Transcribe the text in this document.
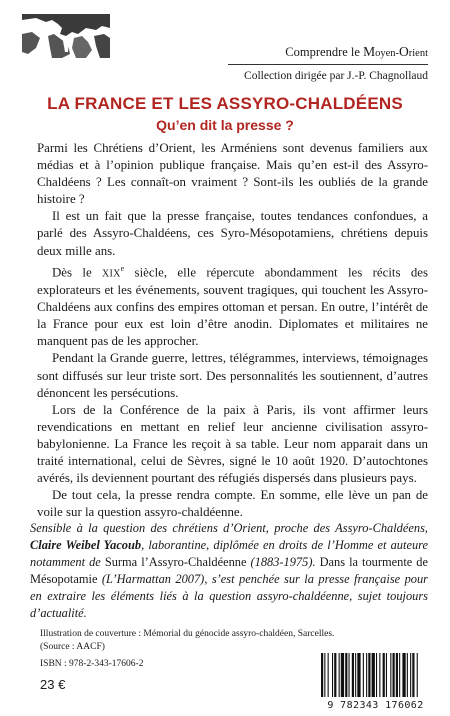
Comprendre le Moyen-Orient
Collection dirigée par J.-P. Chagnollaud
LA FRANCE ET LES ASSYRO-CHALDÉENS
Qu’en dit la presse ?

Parmi les Chrétiens d’Orient, les Arméniens sont devenus familiers aux médias et à l’opinion publique française. Mais qu’en est-il des Assyro-Chaldéens ? Les connaît-on vraiment ? Sont-ils les oubliés de la grande histoire ?

Il est un fait que la presse française, toutes tendances confondues, a parlé des Assyro-Chaldéens, ces Syro-Mésopotamiens, chrétiens depuis deux mille ans.

Dès le XIXe siècle, elle répercute abondamment les récits des explorateurs et les événements, souvent tragiques, qui touchent les Assyro-Chaldéens aux confins des empires ottoman et persan. En outre, l’intérêt de la France pour eux est loin d’être anodin. Diplomates et militaires ne manquent pas de les approcher.

Pendant la Grande guerre, lettres, télégrammes, interviews, témoignages sont diffusés sur leur triste sort. Des personnalités les soutiennent, d’autres dénoncent les persécutions.

Lors de la Conférence de la paix à Paris, ils vont affirmer leurs revendications en mettant en relief leur ancienne civilisation assyro-babylonienne. La France les reçoit à sa table. Leur nom apparait dans un traité international, celui de Sèvres, signé le 10 août 1920. D’autochtones avérés, ils deviennent pourtant des réfugiés dispersés dans plusieurs pays.

De tout cela, la presse rendra compte. En somme, elle lève un pan de voile sur la question assyro-chaldéenne.

Sensible à la question des chrétiens d’Orient, proche des Assyro-Chaldéens, Claire Weibel Yacoub, laborantine, diplômée en droits de l’Homme et auteure notamment de Surma l’Assyro-Chaldéenne (1883-1975). Dans la tourmente de Mésopotamie (L’Harmattan 2007), s’est penchée sur la presse française pour en extraire les éléments liés à la question assyro-chaldéenne, sujet toujours d’actualité.
Illustration de couverture : Mémorial du génocide assyro-chaldéen, Sarcelles. (Source : AACF)
ISBN : 978-2-343-17606-2
23 €
9 782343 176062
